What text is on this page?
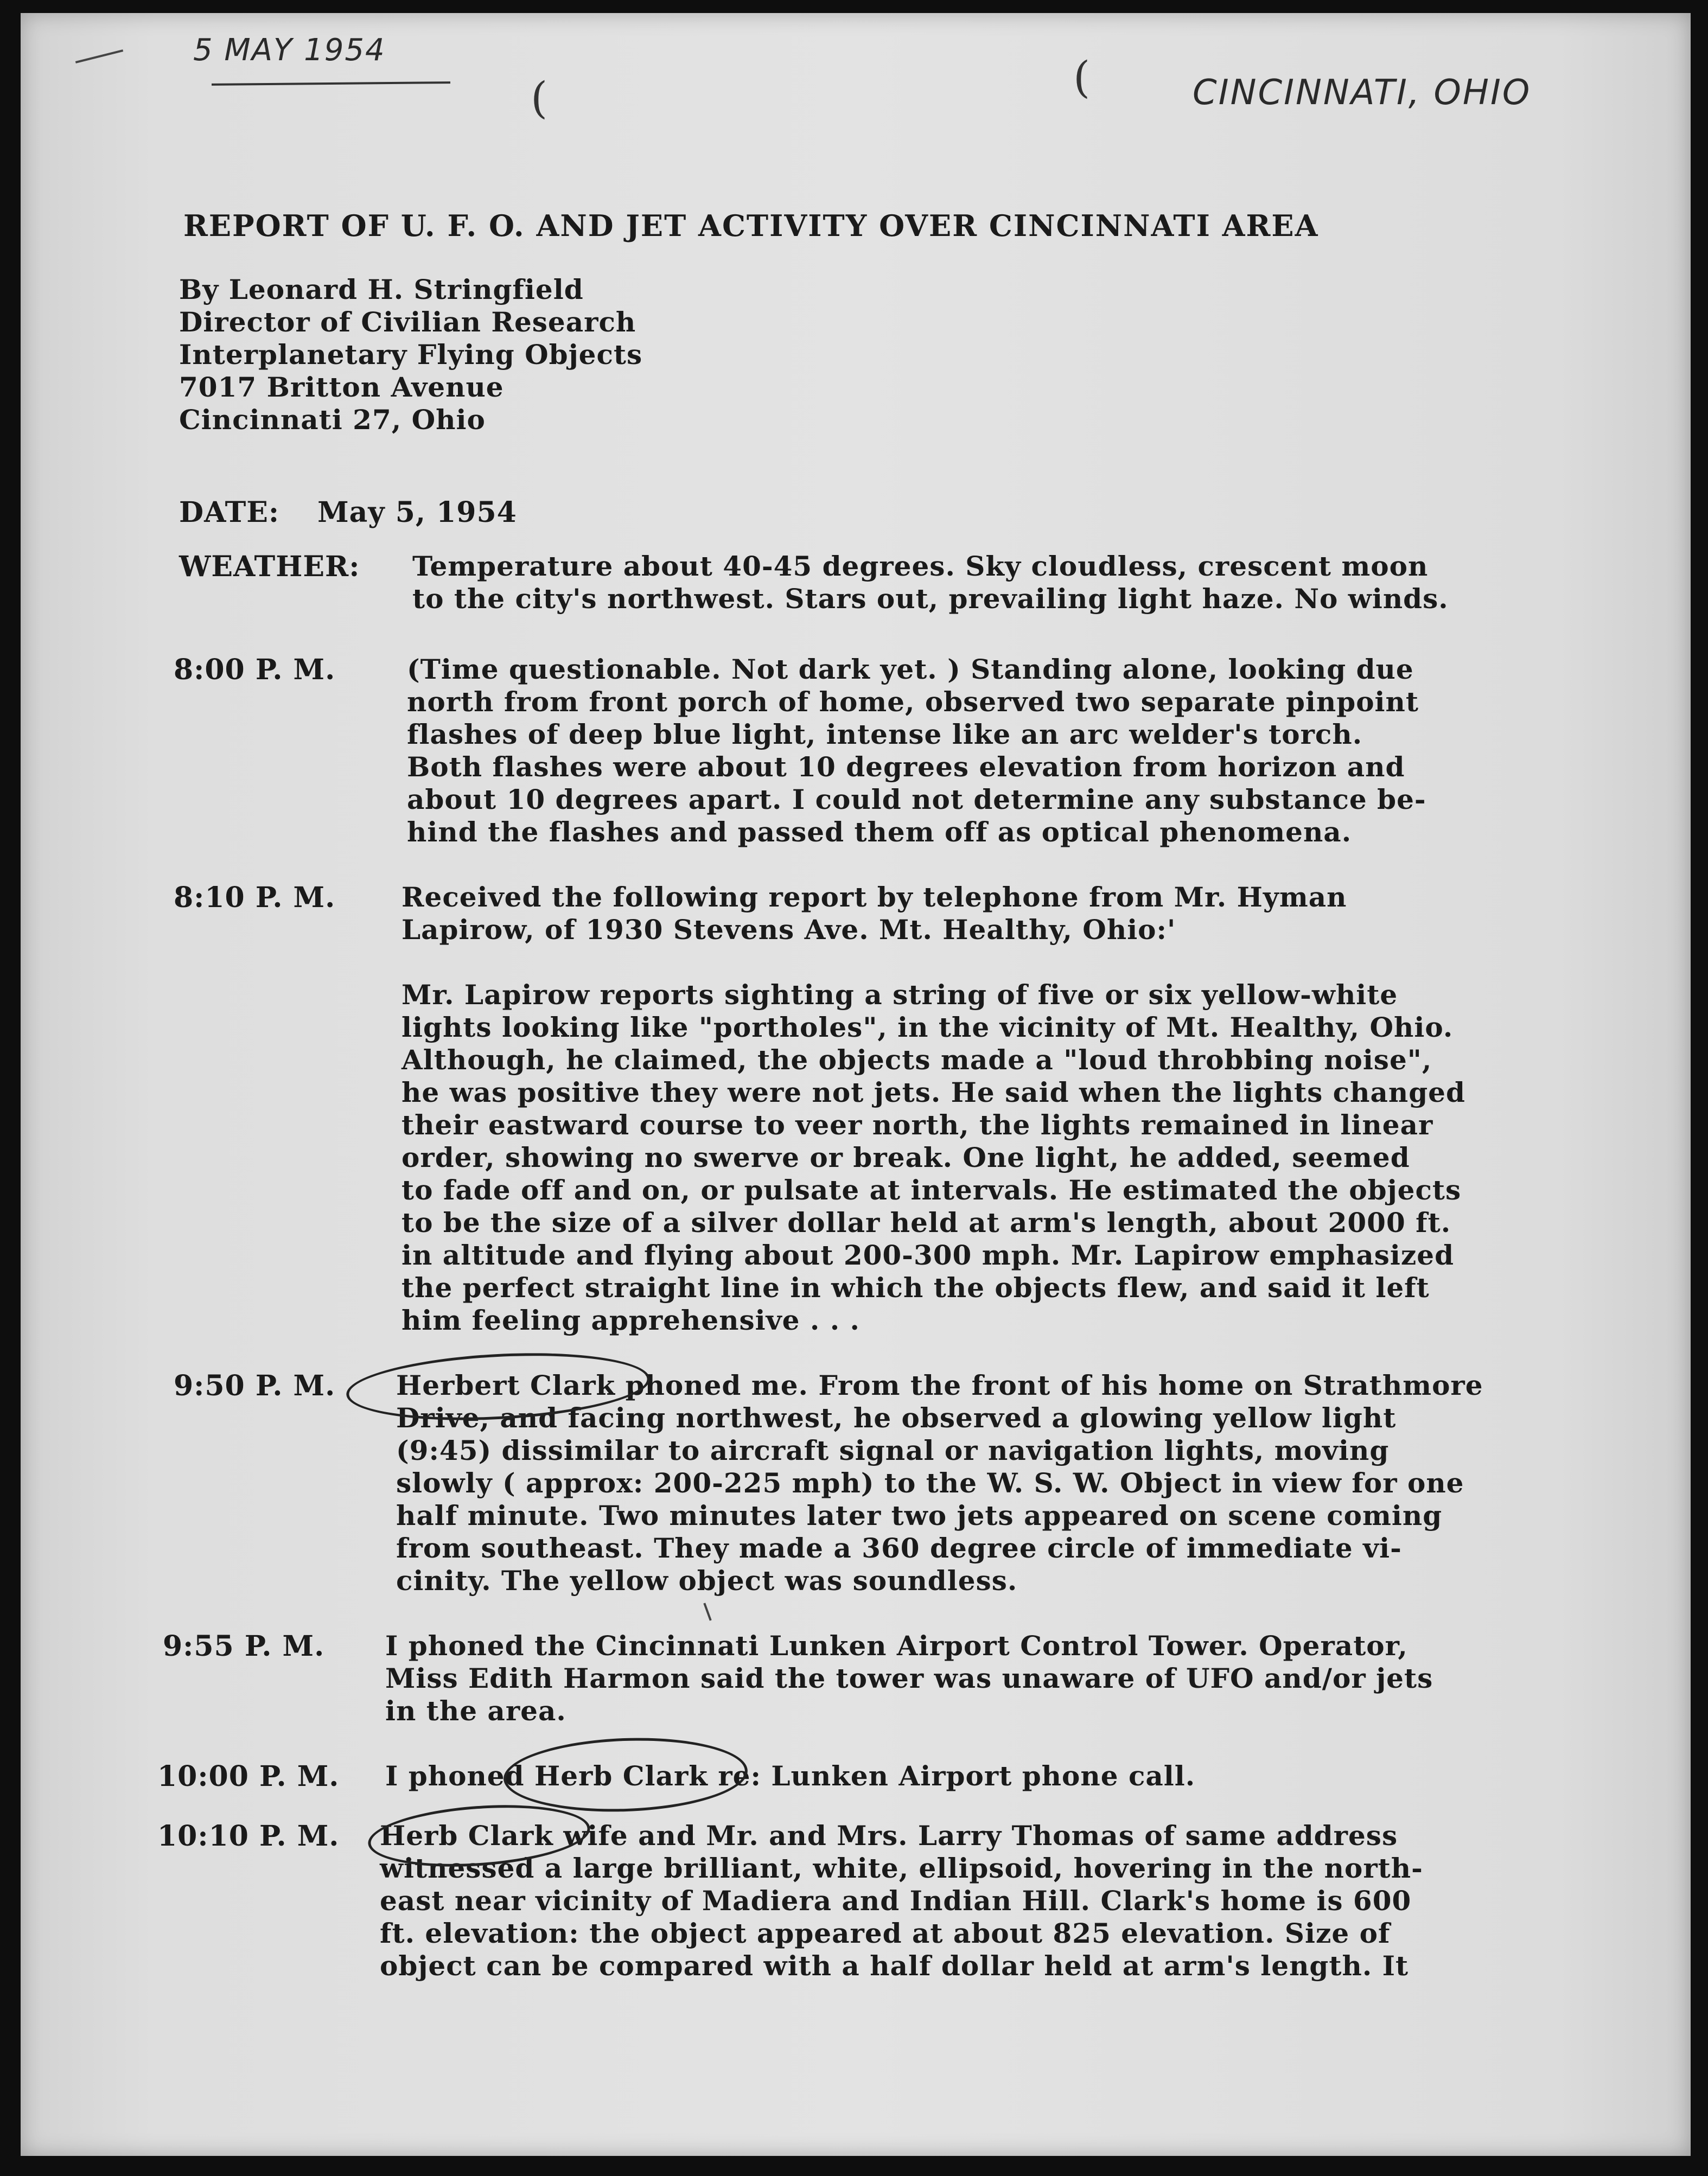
5 MAY 1954
(	(	CINCINNATI, OHIO
REPORT OF U. F. O. AND JET ACTIVITY OVER CINCINNATI AREA
By Leonard H. Stringfield
Director of Civilian Research
Interplanetary Flying Objects
7017 Britton Avenue
Cincinnati 27, Ohio
DATE: May 5, 1954
WEATHER: Temperature about 40-45 degrees. Sky cloudless, crescent moon
to the city's northwest. Stars out, prevailing light haze. No winds.
8:00 P. M.	(Time questionable. Not dark yet. ) Standing alone, looking due
north from front porch of home, observed two separate pinpoint
flashes of deep blue light, intense like an arc welder's torch.
Both flashes were about 10 degrees elevation from horizon and
about 10 degrees apart. I could not determine any substance be-
hind the flashes and passed them off as optical phenomena.
8:10 P. M. Received the following report by telephone from Mr. Hyman
Lapirow, of 1930 Stevens Ave. Mt. Healthy, Ohio:'
Mr. Lapirow reports sighting a string of five or six yellow-white
lights looking like "portholes", in the vicinity of Mt. Healthy, Ohio.
Although, he claimed, the objects made a "loud throbbing noise",
he was positive they were not jets. He said when the lights changed
their eastward course to veer north, the lights remained in linear
order, showing no swerve or break. One light, he added, seemed
to fade off and on, or pulsate at intervals. He estimated the objects
to be the size of a silver dollar held at arm's length, about 2000 ft.
in altitude and flying about 200-300 mph. Mr. Lapirow emphasized
the perfect straight line in which the objects flew, and said it left
him feeling apprehensive . . .
9:50 P. M. Herbert Clark phoned me. From the front of his home on Strathmore
Drive, and facing northwest, he observed a glowing yellow light
(9:45) dissimilar to aircraft signal or navigation lights, moving
slowly ( approx: 200-225 mph) to the W. S. W. Object in view for one
half minute. Two minutes later two jets appeared on scene coming
from southeast. They made a 360 degree circle of immediate vi-
cinity. The yellow object was soundless.
9:55 P. M. I phoned the Cincinnati Lunken Airport Control Tower. Operator,
Miss Edith Harmon said the tower was unaware of UFO and/or jets
in the area.
10:00 P. M. I phoned Herb Clark re: Lunken Airport phone call.
10:10 P. M. Herb Clark wife and Mr. and Mrs. Larry Thomas of same address
witnessed a large brilliant, white, ellipsoid, hovering in the north-
east near vicinity of Madiera and Indian Hill. Clark's home is 600
ft. elevation: the object appeared at about 825 elevation. Size of
object can be compared with a half dollar held at arm's length. It
